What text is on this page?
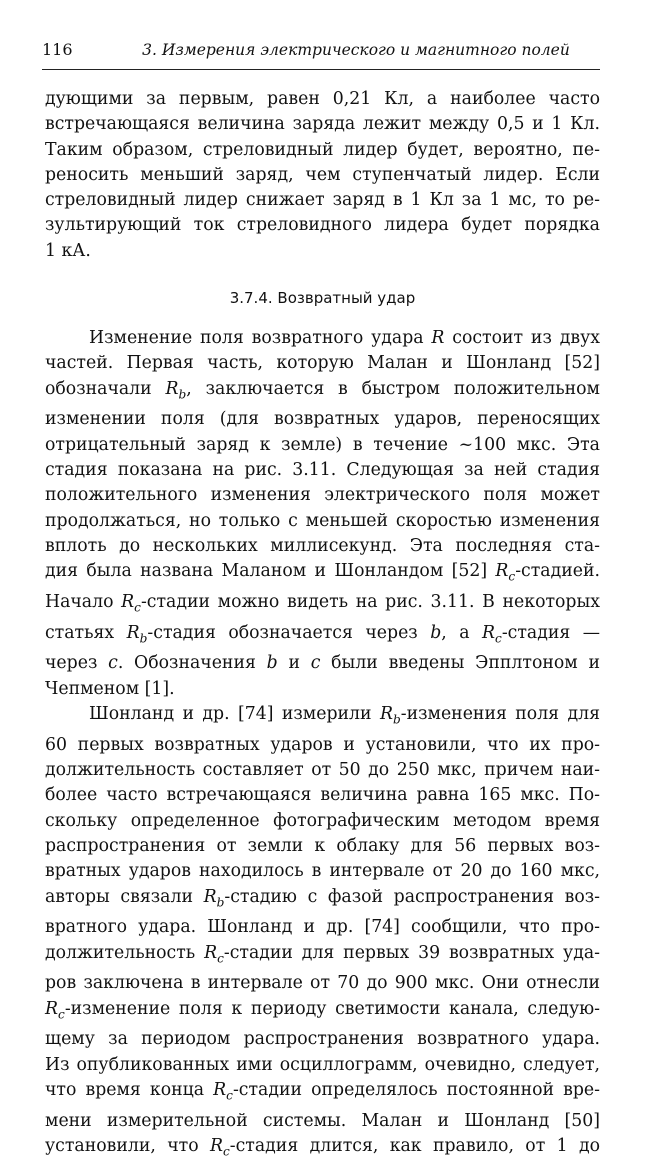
116	3. Измерения электрического и магнитного полей
дующими за первым, равен 0,21 Кл, а наиболее часто
встречающаяся величина заряда лежит между 0,5 и 1 Кл.
Таким образом, стреловидный лидер будет, вероятно, пе-
реносить меньший заряд, чем ступенчатый лидер. Если
стреловидный лидер снижает заряд в 1 Кл за 1 мс, то ре-
зультирующий ток стреловидного лидера будет порядка
1 кА.
3.7.4. Возвратный удар
Изменение поля возвратного удара R состоит из двух
частей. Первая часть, которую Малан и Шонланд [52]
обозначали $R_b$, заключается в быстром положительном
изменении поля (для возвратных ударов, переносящих
отрицательный заряд к земле) в течение ~100 мкс. Эта
стадия показана на рис. 3.11. Следующая за ней стадия
положительного изменения электрического поля может
продолжаться, но только с меньшей скоростью изменения
вплоть до нескольких миллисекунд. Эта последняя ста-
дия была названа Маланом и Шонландом [52] $R_c$-стадией.
Начало $R_c$-стадии можно видеть на рис. 3.11. В некоторых
статьях $R_b$-стадия обозначается через b, а $R_c$-стадия —
через c. Обозначения b и c были введены Эпплтоном и
Чепменом [1].
Шонланд и др. [74] измерили $R_b$-изменения поля для
60 первых возвратных ударов и установили, что их про-
должительность составляет от 50 до 250 мкс, причем наи-
более часто встречающаяся величина равна 165 мкс. По-
скольку определенное фотографическим методом время
распространения от земли к облаку для 56 первых воз-
вратных ударов находилось в интервале от 20 до 160 мкс,
авторы связали $R_b$-стадию с фазой распространения воз-
вратного удара. Шонланд и др. [74] сообщили, что про-
должительность $R_c$-стадии для первых 39 возвратных уда-
ров заключена в интервале от 70 до 900 мкс. Они отнесли
$R_c$-изменение поля к периоду светимости канала, следую-
щему за периодом распространения возвратного удара.
Из опубликованных ими осциллограмм, очевидно, следует,
что время конца $R_c$-стадии определялось постоянной вре-
мени измерительной системы. Малан и Шонланд [50]
установили, что $R_c$-стадия длится, как правило, от 1 до
